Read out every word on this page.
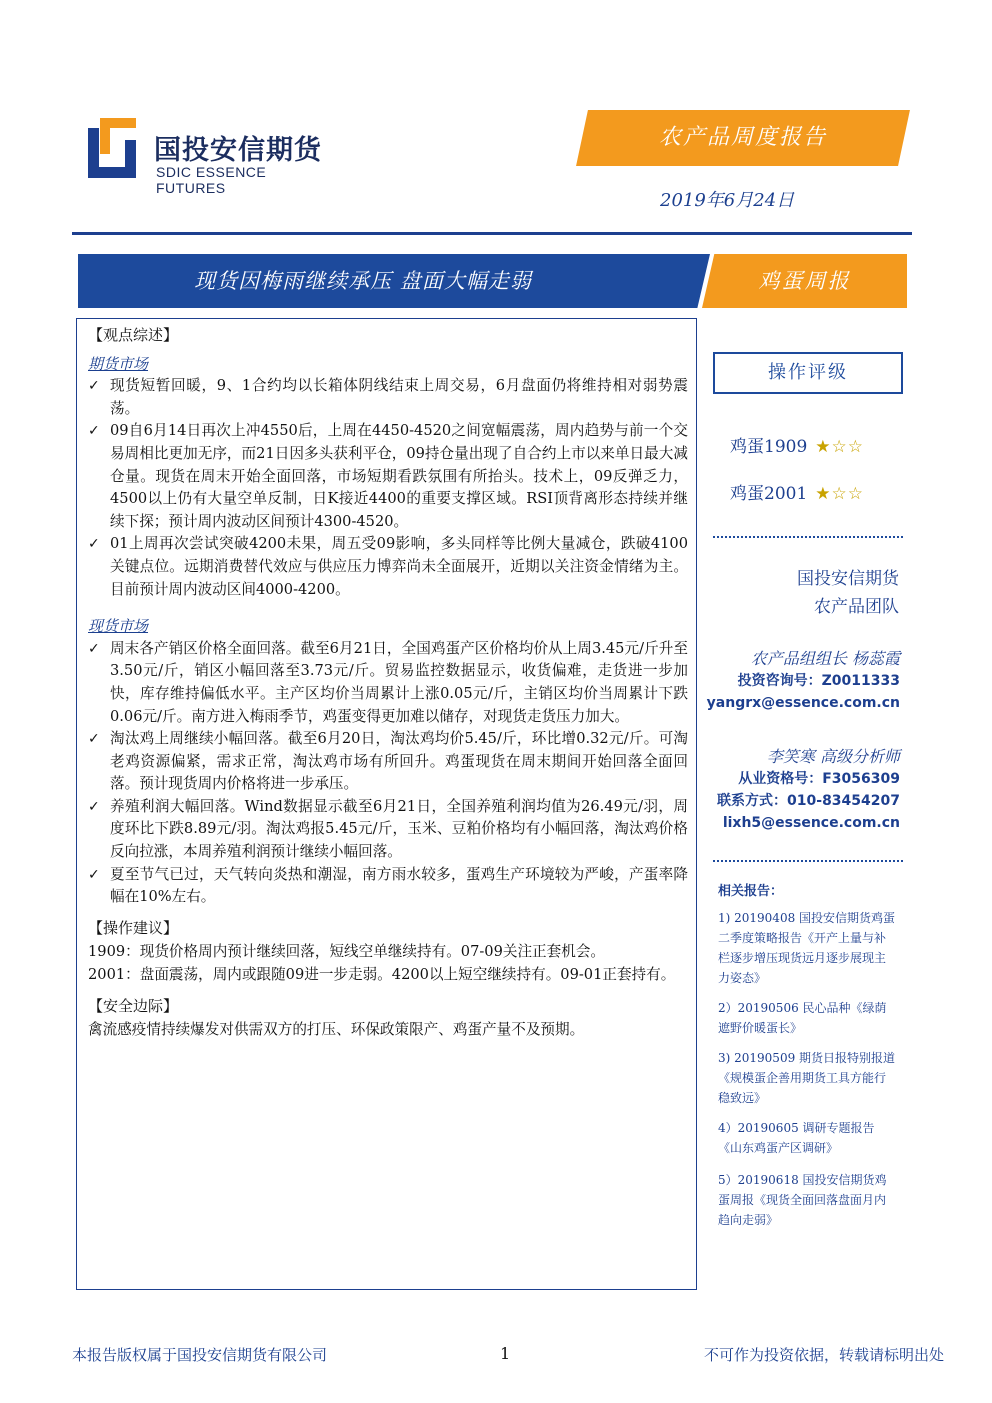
国投安信期货
SDIC ESSENCE FUTURES
农产品周度报告
2019年6月24日
现货因梅雨继续承压 盘面大幅走弱	鸡蛋周报
【观点综述】
期货市场
✓ 现货短暂回暖，9、1合约均以长箱体阴线结束上周交易，6月盘面仍将维持相对弱势震荡。
✓ 09自6月14日再次上冲4550后，上周在4450-4520之间宽幅震荡，周内趋势与前一个交易周相比更加无序，而21日因多头获利平仓，09持仓量出现了自合约上市以来单日最大减仓量。现货在周末开始全面回落，市场短期看跌氛围有所抬头。技术上，09反弹乏力，4500以上仍有大量空单反制，日K接近4400的重要支撑区域。RSI顶背离形态持续并继续下探；预计周内波动区间预计4300-4520。
✓ 01上周再次尝试突破4200未果，周五受09影响，多头同样等比例大量减仓，跌破4100关键点位。远期消费替代效应与供应压力博弈尚未全面展开，近期以关注资金情绪为主。目前预计周内波动区间4000-4200。
现货市场
✓ 周末各产销区价格全面回落。截至6月21日，全国鸡蛋产区价格均价从上周3.45元/斤升至3.50元/斤，销区小幅回落至3.73元/斤。贸易监控数据显示，收货偏难，走货进一步加快，库存维持偏低水平。主产区均价当周累计上涨0.05元/斤，主销区均价当周累计下跌0.06元/斤。南方进入梅雨季节，鸡蛋变得更加难以储存，对现货走货压力加大。
✓ 淘汰鸡上周继续小幅回落。截至6月20日，淘汰鸡均价5.45/斤，环比增0.32元/斤。可淘老鸡资源偏紧，需求正常，淘汰鸡市场有所回升。鸡蛋现货在周末期间开始回落全面回落。预计现货周内价格将进一步承压。
✓ 养殖利润大幅回落。Wind数据显示截至6月21日，全国养殖利润均值为26.49元/羽，周度环比下跌8.89元/羽。淘汰鸡报5.45元/斤，玉米、豆粕价格均有小幅回落，淘汰鸡价格反向拉涨，本周养殖利润预计继续小幅回落。
✓ 夏至节气已过，天气转向炎热和潮湿，南方雨水较多，蛋鸡生产环境较为严峻，产蛋率降幅在10%左右。
【操作建议】
1909：现货价格周内预计继续回落，短线空单继续持有。07-09关注正套机会。
2001：盘面震荡，周内或跟随09进一步走弱。4200以上短空继续持有。09-01正套持有。
【安全边际】
禽流感疫情持续爆发对供需双方的打压、环保政策限产、鸡蛋产量不及预期。
操作评级
鸡蛋1909 ★☆☆
鸡蛋2001 ★☆☆
国投安信期货
农产品团队
农产品组组长 杨蕊霞
投资咨询号：Z0011333
yangrx@essence.com.cn
李笑寒 高级分析师
从业资格号：F3056309
联系方式：010-83454207
lixh5@essence.com.cn
相关报告：
1) 20190408 国投安信期货鸡蛋二季度策略报告《开产上量与补栏逐步增压现货远月逐步展现主力姿态》
2）20190506 民心品种《绿荫遮野价暖蛋长》
3) 20190509 期货日报特别报道《规模蛋企善用期货工具方能行稳致远》
4）20190605 调研专题报告《山东鸡蛋产区调研》
5）20190618 国投安信期货鸡蛋周报《现货全面回落盘面月内趋向走弱》
本报告版权属于国投安信期货有限公司	1	不可作为投资依据，转载请标明出处
